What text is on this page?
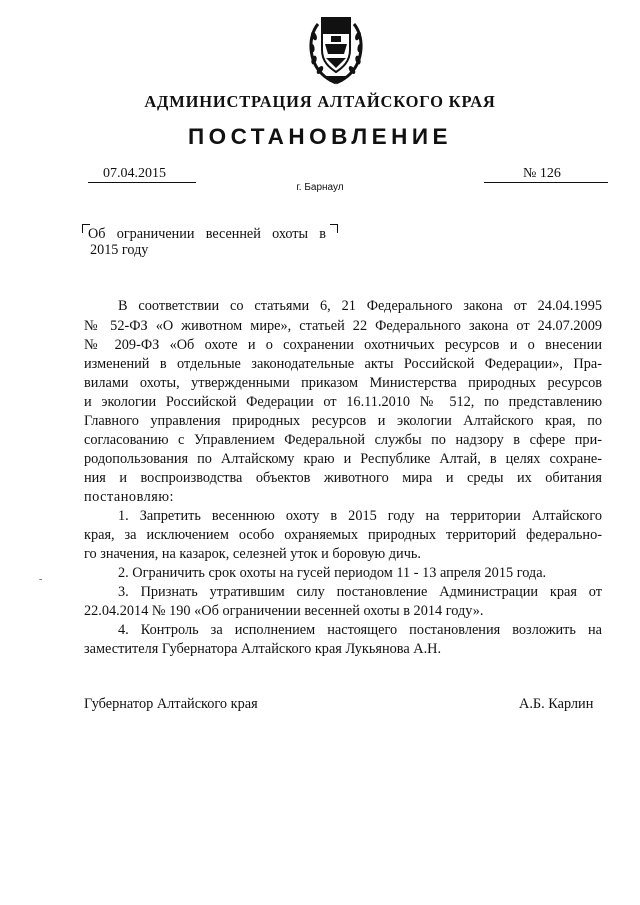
АДМИНИСТРАЦИЯ АЛТАЙСКОГО КРАЯ
ПОСТАНОВЛЕНИЕ
07.04.2015	№ 126
г. Барнаул
Об ограничении весенней охоты в
2015 году
В соответствии со статьями 6, 21 Федерального закона от 24.04.1995
№ 52-ФЗ «О животном мире», статьей 22 Федерального закона от 24.07.2009
№ 209-ФЗ «Об охоте и о сохранении охотничьих ресурсов и о внесении
изменений в отдельные законодательные акты Российской Федерации», Пра-
вилами охоты, утвержденными приказом Министерства природных ресурсов
и экологии Российской Федерации от 16.11.2010 № 512, по представлению
Главного управления природных ресурсов и экологии Алтайского края, по
согласованию с Управлением Федеральной службы по надзору в сфере при-
родопользования по Алтайскому краю и Республике Алтай, в целях сохране-
ния и воспроизводства объектов животного мира и среды их обитания
постановляю:
1. Запретить весеннюю охоту в 2015 году на территории Алтайского
края, за исключением особо охраняемых природных территорий федерально-
го значения, на казарок, селезней уток и боровую дичь.
2. Ограничить срок охоты на гусей периодом 11 - 13 апреля 2015 года.
3. Признать утратившим силу постановление Администрации края от
22.04.2014 № 190 «Об ограничении весенней охоты в 2014 году».
4. Контроль за исполнением настоящего постановления возложить на
заместителя Губернатора Алтайского края Лукьянова А.Н.
-
Губернатор Алтайского края	А.Б. Карлин
